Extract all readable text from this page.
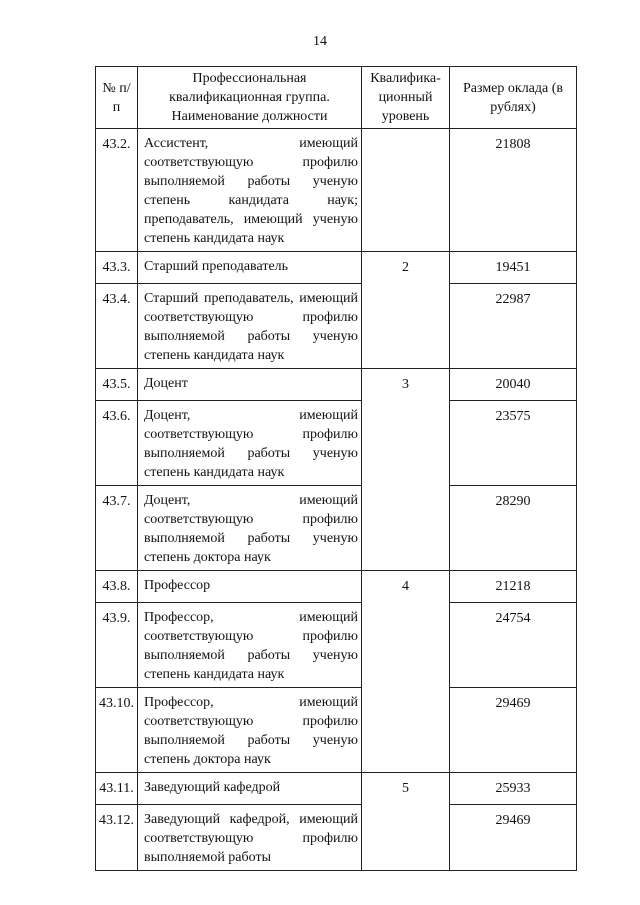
14
№ п/п	Профессиональная квалификационная группа. Наименование должности	Квалифика-ционный уровень	Размер оклада (в рублях)

43.2.	Ассистент, имеющий соответствующую профилю выполняемой работы ученую степень кандидата наук; преподаватель, имеющий ученую степень кандидата наук		21808

43.3.	Старший преподаватель	2	19451

43.4.	Старший преподаватель, имеющий соответствующую профилю выполняемой работы ученую степень кандидата наук		22987

43.5.	Доцент	3	20040

43.6.	Доцент, имеющий соответствующую профилю выполняемой работы ученую степень кандидата наук		23575

43.7.	Доцент, имеющий соответствующую профилю выполняемой работы ученую степень доктора наук		28290

43.8.	Профессор	4	21218

43.9.	Профессор, имеющий соответствующую профилю выполняемой работы ученую степень кандидата наук		24754

43.10.	Профессор, имеющий соответствующую профилю выполняемой работы ученую степень доктора наук		29469

43.11.	Заведующий кафедрой	5	25933

43.12.	Заведующий кафедрой, имеющий соответствующую профилю выполняемой работы		29469
